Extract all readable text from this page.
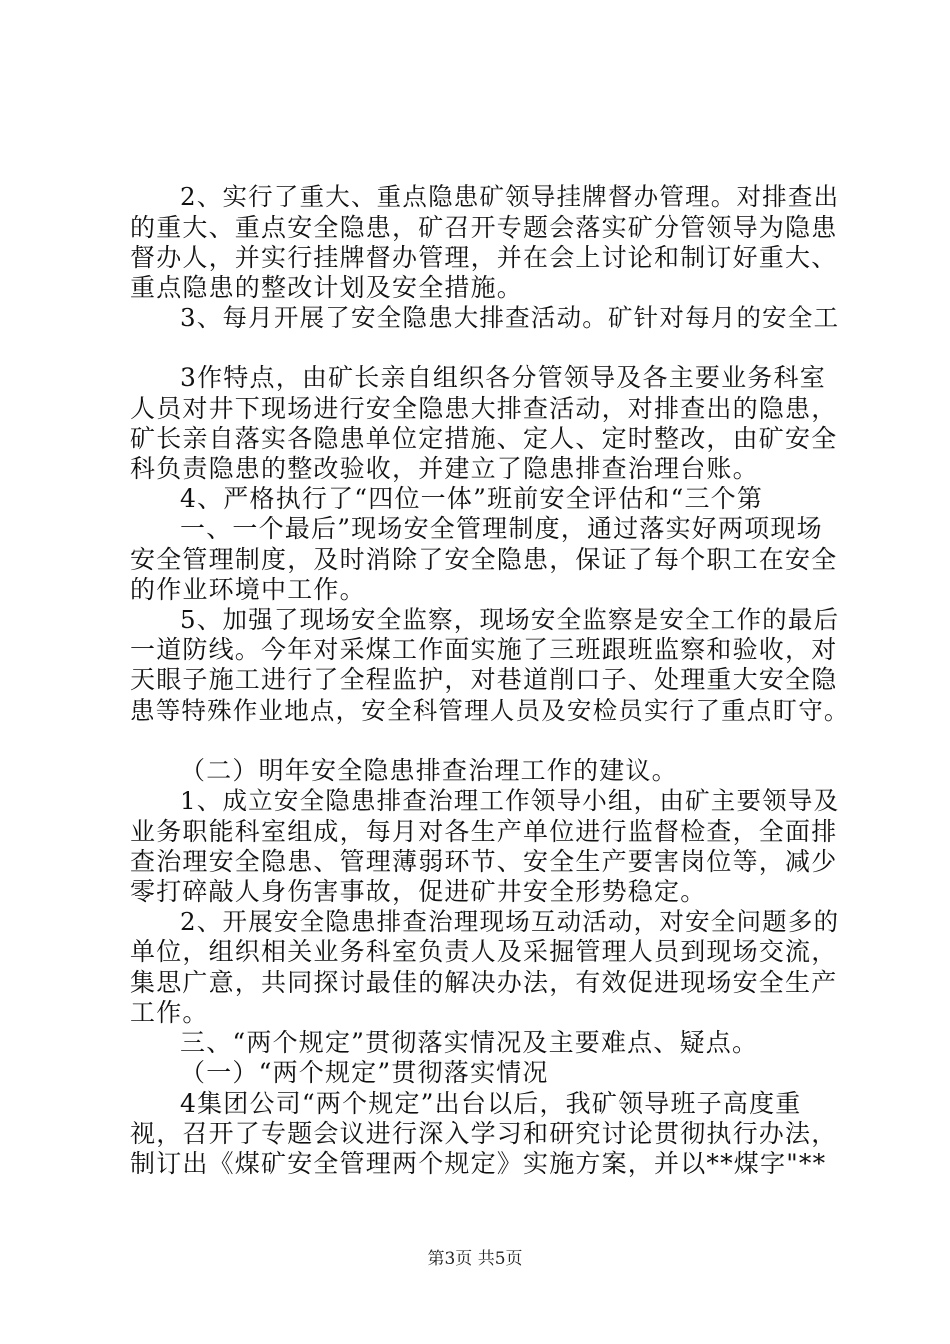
2、实行了重大、重点隐患矿领导挂牌督办管理。对排查出
的重大、重点安全隐患，矿召开专题会落实矿分管领导为隐患
督办人，并实行挂牌督办管理，并在会上讨论和制订好重大、
重点隐患的整改计划及安全措施。
3、每月开展了安全隐患大排查活动。矿针对每月的安全工
3作特点，由矿长亲自组织各分管领导及各主要业务科室
人员对井下现场进行安全隐患大排查活动，对排查出的隐患，
矿长亲自落实各隐患单位定措施、定人、定时整改，由矿安全
科负责隐患的整改验收，并建立了隐患排查治理台账。
4、严格执行了“四位一体”班前安全评估和“三个第
一、一个最后”现场安全管理制度，通过落实好两项现场
安全管理制度，及时消除了安全隐患，保证了每个职工在安全
的作业环境中工作。
5、加强了现场安全监察，现场安全监察是安全工作的最后
一道防线。今年对采煤工作面实施了三班跟班监察和验收，对
天眼子施工进行了全程监护，对巷道削口子、处理重大安全隐
患等特殊作业地点，安全科管理人员及安检员实行了重点盯守。
（二）明年安全隐患排查治理工作的建议。
1、成立安全隐患排查治理工作领导小组，由矿主要领导及
业务职能科室组成，每月对各生产单位进行监督检查，全面排
查治理安全隐患、管理薄弱环节、安全生产要害岗位等，减少
零打碎敲人身伤害事故，促进矿井安全形势稳定。
2、开展安全隐患排查治理现场互动活动，对安全问题多的
单位，组织相关业务科室负责人及采掘管理人员到现场交流，
集思广意，共同探讨最佳的解决办法，有效促进现场安全生产
工作。
三、“两个规定”贯彻落实情况及主要难点、疑点。
（一）“两个规定”贯彻落实情况
4集团公司“两个规定”出台以后，我矿领导班子高度重
视，召开了专题会议进行深入学习和研究讨论贯彻执行办法，
制订出《煤矿安全管理两个规定》实施方案，并以**煤字"**
第3页 共5页
